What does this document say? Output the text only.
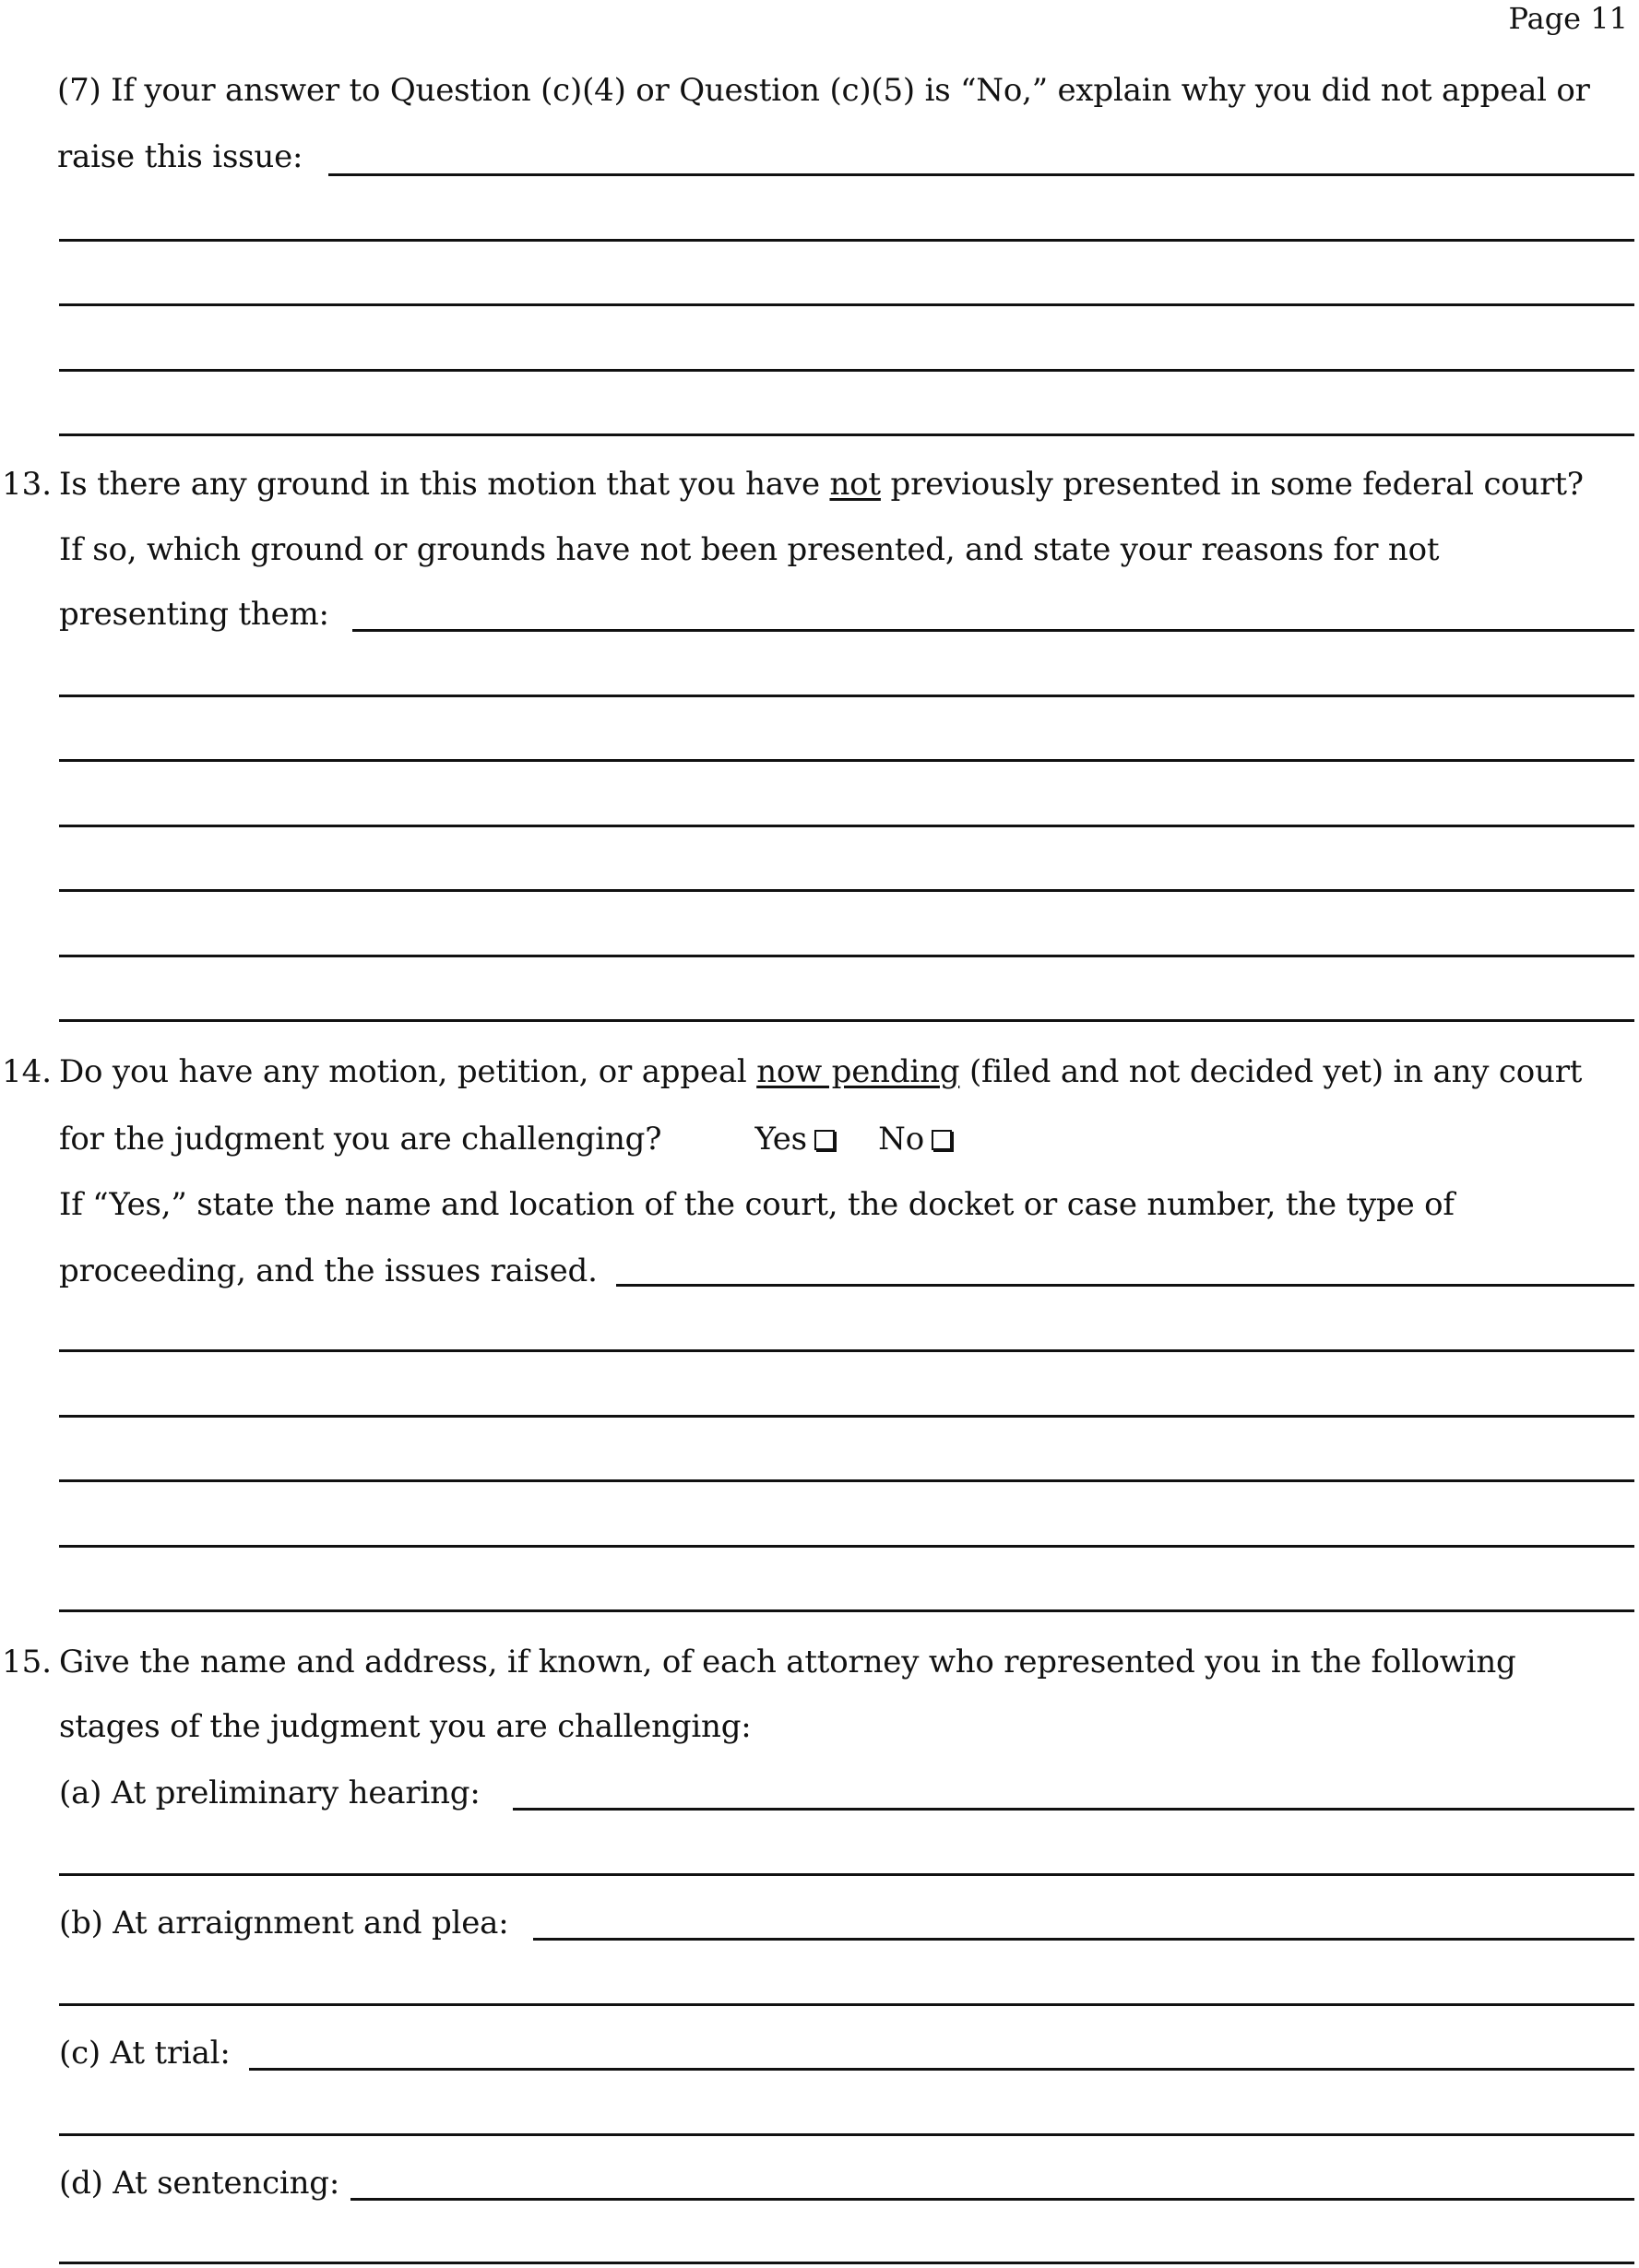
Page 11
(7) If your answer to Question (c)(4) or Question (c)(5) is “No,” explain why you did not appeal or
raise this issue:
13. Is there any ground in this motion that you have not previously presented in some federal court?
If so, which ground or grounds have not been presented, and state your reasons for not
presenting them:
14. Do you have any motion, petition, or appeal now pending (filed and not decided yet) in any court
for the judgment you are challenging?	Yes No
If “Yes,” state the name and location of the court, the docket or case number, the type of
proceeding, and the issues raised.
15. Give the name and address, if known, of each attorney who represented you in the following
stages of the judgment you are challenging:
(a) At preliminary hearing:
(b) At arraignment and plea:
(c) At trial:
(d) At sentencing:
